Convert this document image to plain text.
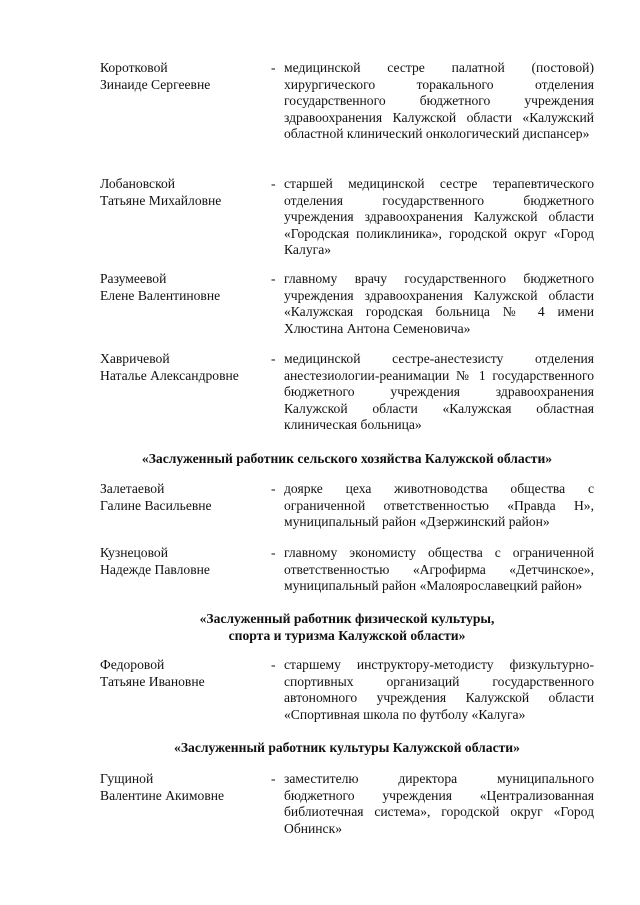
Коротковой
Зинаиде Сергеевне
- медицинской сестре палатной (постовой) хирургического торакального отделения государственного бюджетного учреждения здравоохранения Калужской области «Калужский областной клинический онкологический диспансер»
Лобановской
Татьяне Михайловне
- старшей медицинской сестре терапевтического отделения государственного бюджетного учреждения здравоохранения Калужской области «Городская поликлиника», городской округ «Город Калуга»
Разумеевой
Елене Валентиновне
- главному врачу государственного бюджетного учреждения здравоохранения Калужской области «Калужская городская больница № 4 имени Хлюстина Антона Семеновича»
Хавричевой
Наталье Александровне
- медицинской сестре-анестезисту отделения анестезиологии-реанимации № 1 государственного бюджетного учреждения здравоохранения Калужской области «Калужская областная клиническая больница»
«Заслуженный работник сельского хозяйства Калужской области»
Залетаевой
Галине Васильевне
- доярке цеха животноводства общества с ограниченной ответственностью «Правда Н», муниципальный район «Дзержинский район»
Кузнецовой
Надежде Павловне
- главному экономисту общества с ограниченной ответственностью «Агрофирма «Детчинское», муниципальный район «Малоярославецкий район»
«Заслуженный работник физической культуры,
спорта и туризма Калужской области»
Федоровой
Татьяне Ивановне
- старшему инструктору-методисту физкультурно-спортивных организаций государственного автономного учреждения Калужской области «Спортивная школа по футболу «Калуга»
«Заслуженный работник культуры Калужской области»
Гущиной
Валентине Акимовне
- заместителю директора муниципального бюджетного учреждения «Централизованная библиотечная система», городской округ «Город Обнинск»
